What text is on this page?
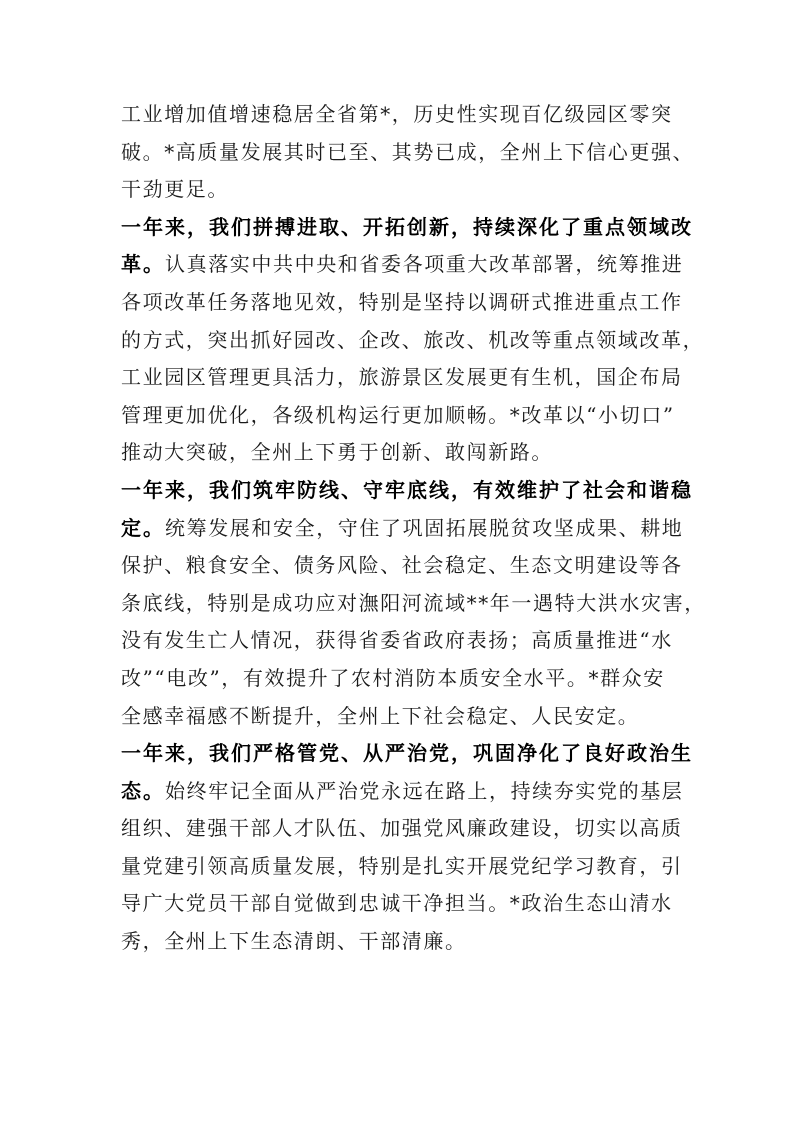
工业增加值增速稳居全省第*，历史性实现百亿级园区零突
破。*高质量发展其时已至、其势已成，全州上下信心更强、
干劲更足。
一年来，我们拼搏进取、开拓创新，持续深化了重点领域改
革。认真落实中共中央和省委各项重大改革部署，统筹推进
各项改革任务落地见效，特别是坚持以调研式推进重点工作
的方式，突出抓好园改、企改、旅改、机改等重点领域改革，
工业园区管理更具活力，旅游景区发展更有生机，国企布局
管理更加优化，各级机构运行更加顺畅。*改革以“小切口”
推动大突破，全州上下勇于创新、敢闯新路。
一年来，我们筑牢防线、守牢底线，有效维护了社会和谐稳
定。统筹发展和安全，守住了巩固拓展脱贫攻坚成果、耕地
保护、粮食安全、债务风险、社会稳定、生态文明建设等各
条底线，特别是成功应对潕阳河流域**年一遇特大洪水灾害，
没有发生亡人情况，获得省委省政府表扬；高质量推进“水
改”“电改”，有效提升了农村消防本质安全水平。*群众安
全感幸福感不断提升，全州上下社会稳定、人民安定。
一年来，我们严格管党、从严治党，巩固净化了良好政治生
态。始终牢记全面从严治党永远在路上，持续夯实党的基层
组织、建强干部人才队伍、加强党风廉政建设，切实以高质
量党建引领高质量发展，特别是扎实开展党纪学习教育，引
导广大党员干部自觉做到忠诚干净担当。*政治生态山清水
秀，全州上下生态清朗、干部清廉。
